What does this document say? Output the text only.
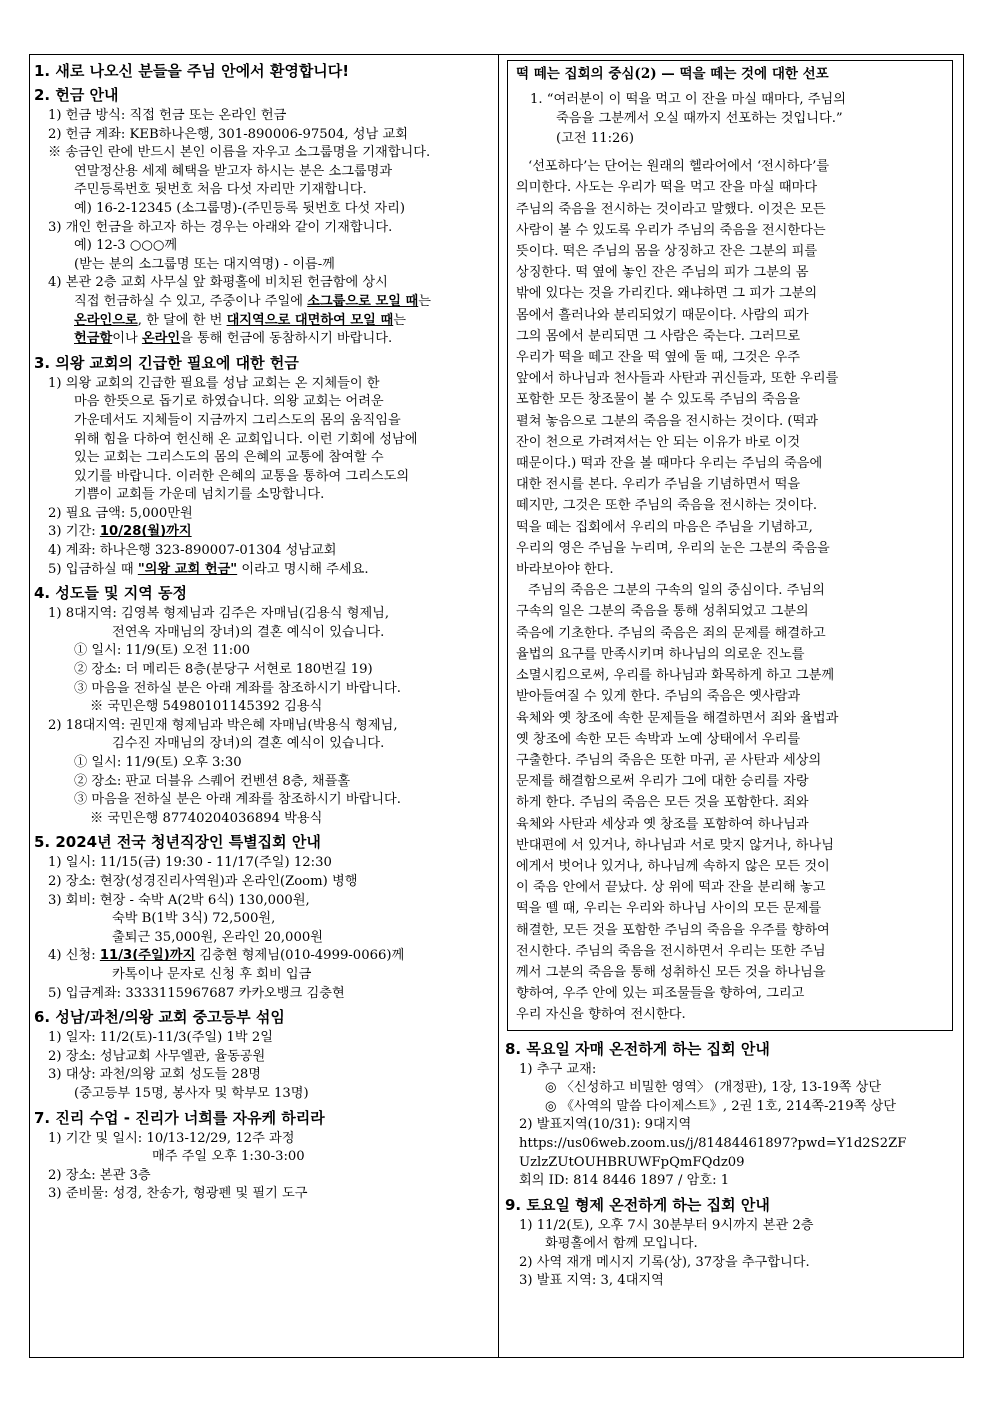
1. 새로 나오신 분들을 주님 안에서 환영합니다!
2. 헌금 안내
1) 헌금 방식: 직접 헌금 또는 온라인 헌금
2) 헌금 계좌: KEB하나은행, 301-890006-97504, 성남 교회
※ 송금인 란에 반드시 본인 이름을 자우고 소그룹명을 기재합니다.
연말정산용 세제 혜택을 받고자 하시는 분은 소그룹명과
주민등록번호 뒷번호 처음 다섯 자리만 기재합니다.
예) 16-2-12345 (소그룹명)-(주민등록 뒷번호 다섯 자리)
3) 개인 헌금을 하고자 하는 경우는 아래와 같이 기재합니다.
예) 12-3 ○○○께
(받는 분의 소그룹명 또는 대지역명) - 이름-께
4) 본관 2층 교회 사무실 앞 화평홀에 비치된 헌금함에 상시
직접 헌금하실 수 있고, 주중이나 주일에 소그룹으로 모일 때는
온라인으로, 한 달에 한 번 대지역으로 대면하여 모일 때는
헌금함이나 온라인을 통해 헌금에 동참하시기 바랍니다.
3. 의왕 교회의 긴급한 필요에 대한 헌금
1) 의왕 교회의 긴급한 필요를 성남 교회는 온 지체들이 한
마음 한뜻으로 돕기로 하였습니다. 의왕 교회는 어려운
가운데서도 지체들이 지금까지 그리스도의 몸의 움직임을
위해 힘을 다하여 헌신해 온 교회입니다. 이런 기회에 성남에
있는 교회는 그리스도의 몸의 은혜의 교통에 참여할 수
있기를 바랍니다. 이러한 은혜의 교통을 통하여 그리스도의
기쁨이 교회들 가운데 넘치기를 소망합니다.
2) 필요 금액: 5,000만원
3) 기간: 10/28(월)까지
4) 계좌: 하나은행 323-890007-01304 성남교회
5) 입금하실 때 "의왕 교회 헌금" 이라고 명시해 주세요.
4. 성도들 및 지역 동정
1) 8대지역: 김영복 형제님과 김주은 자매님(김용식 형제님,
전연옥 자매님의 장녀)의 결혼 예식이 있습니다.
① 일시: 11/9(토) 오전 11:00
② 장소: 더 메리든 8층(분당구 서현로 180번길 19)
③ 마음을 전하실 분은 아래 계좌를 참조하시기 바랍니다.
※ 국민은행 54980101145392 김용식
2) 18대지역: 권민재 형제님과 박은혜 자매님(박용식 형제님,
김수진 자매님의 장녀)의 결혼 예식이 있습니다.
① 일시: 11/9(토) 오후 3:30
② 장소: 판교 더블유 스퀘어 컨벤션 8층, 채플홀
③ 마음을 전하실 분은 아래 계좌를 참조하시기 바랍니다.
※ 국민은행 87740204036894 박용식
5. 2024년 전국 청년직장인 특별집회 안내
1) 일시: 11/15(금) 19:30 - 11/17(주일) 12:30
2) 장소: 현장(성경진리사역원)과 온라인(Zoom) 병행
3) 회비: 현장 - 숙박 A(2박 6식) 130,000원,
숙박 B(1박 3식) 72,500원,
출퇴근 35,000원, 온라인 20,000원
4) 신청: 11/3(주일)까지 김충현 형제님(010-4999-0066)께
카톡이나 문자로 신청 후 회비 입금
5) 입금계좌: 3333115967687 카카오뱅크 김충현
6. 성남/과천/의왕 교회 중고등부 섞임
1) 일자: 11/2(토)-11/3(주일) 1박 2일
2) 장소: 성남교회 사무엘관, 율동공원
3) 대상: 과천/의왕 교회 성도들 28명
(중고등부 15명, 봉사자 및 학부모 13명)
7. 진리 수업 - 진리가 너희를 자유케 하리라
1) 기간 및 일시: 10/13-12/29, 12주 과정
매주 주일 오후 1:30-3:00
2) 장소: 본관 3층
3) 준비물: 성경, 찬송가, 형광펜 및 필기 도구
떡 떼는 집회의 중심(2) — 떡을 떼는 것에 대한 선포
1. “여러분이 이 떡을 먹고 이 잔을 마실 때마다, 주님의
죽음을 그분께서 오실 때까지 선포하는 것입니다.”
(고전 11:26)
‘선포하다’는 단어는 원래의 헬라어에서 ‘전시하다’를
의미한다. 사도는 우리가 떡을 먹고 잔을 마실 때마다
주님의 죽음을 전시하는 것이라고 말했다. 이것은 모든
사람이 볼 수 있도록 우리가 주님의 죽음을 전시한다는
뜻이다. 떡은 주님의 몸을 상징하고 잔은 그분의 피를
상징한다. 떡 옆에 놓인 잔은 주님의 피가 그분의 몸
밖에 있다는 것을 가리킨다. 왜냐하면 그 피가 그분의
몸에서 흘러나와 분리되었기 때문이다. 사람의 피가
그의 몸에서 분리되면 그 사람은 죽는다. 그러므로
우리가 떡을 떼고 잔을 떡 옆에 둘 때, 그것은 우주
앞에서 하나님과 천사들과 사탄과 귀신들과, 또한 우리를
포함한 모든 창조물이 볼 수 있도록 주님의 죽음을
펼쳐 놓음으로 그분의 죽음을 전시하는 것이다. (떡과
잔이 천으로 가려져서는 안 되는 이유가 바로 이것
때문이다.) 떡과 잔을 볼 때마다 우리는 주님의 죽음에
대한 전시를 본다. 우리가 주님을 기념하면서 떡을
떼지만, 그것은 또한 주님의 죽음을 전시하는 것이다.
떡을 떼는 집회에서 우리의 마음은 주님을 기념하고,
우리의 영은 주님을 누리며, 우리의 눈은 그분의 죽음을
바라보아야 한다.
주님의 죽음은 그분의 구속의 일의 중심이다. 주님의
구속의 일은 그분의 죽음을 통해 성취되었고 그분의
죽음에 기초한다. 주님의 죽음은 죄의 문제를 해결하고
율법의 요구를 만족시키며 하나님의 의로운 진노를
소멸시킴으로써, 우리를 하나님과 화목하게 하고 그분께
받아들여질 수 있게 한다. 주님의 죽음은 옛사람과
육체와 옛 창조에 속한 문제들을 해결하면서 죄와 율법과
옛 창조에 속한 모든 속박과 노예 상태에서 우리를
구출한다. 주님의 죽음은 또한 마귀, 곧 사탄과 세상의
문제를 해결함으로써 우리가 그에 대한 승리를 자랑
하게 한다. 주님의 죽음은 모든 것을 포함한다. 죄와
육체와 사탄과 세상과 옛 창조를 포함하여 하나님과
반대편에 서 있거나, 하나님과 서로 맞지 않거나, 하나님
에게서 벗어나 있거나, 하나님께 속하지 않은 모든 것이
이 죽음 안에서 끝났다. 상 위에 떡과 잔을 분리해 놓고
떡을 뗄 때, 우리는 우리와 하나님 사이의 모든 문제를
해결한, 모든 것을 포함한 주님의 죽음을 우주를 향하여
전시한다. 주님의 죽음을 전시하면서 우리는 또한 주님
께서 그분의 죽음을 통해 성취하신 모든 것을 하나님을
향하여, 우주 안에 있는 피조물들을 향하여, 그리고
우리 자신을 향하여 전시한다.
8. 목요일 자매 온전하게 하는 집회 안내
1) 추구 교재:
◎ 〈신성하고 비밀한 영역〉 (개정판), 1장, 13-19쪽 상단
◎ 《사역의 말씀 다이제스트》, 2권 1호, 214쪽-219쪽 상단
2) 발표지역(10/31): 9대지역
https://us06web.zoom.us/j/81484461897?pwd=Y1d2S2ZF
UzlzZUtOUHBRUWFpQmFQdz09
회의 ID: 814 8446 1897 / 암호: 1
9. 토요일 형제 온전하게 하는 집회 안내
1) 11/2(토), 오후 7시 30분부터 9시까지 본관 2층
화평홀에서 함께 모입니다.
2) 사역 재개 메시지 기록(상), 37장을 추구합니다.
3) 발표 지역: 3, 4대지역
